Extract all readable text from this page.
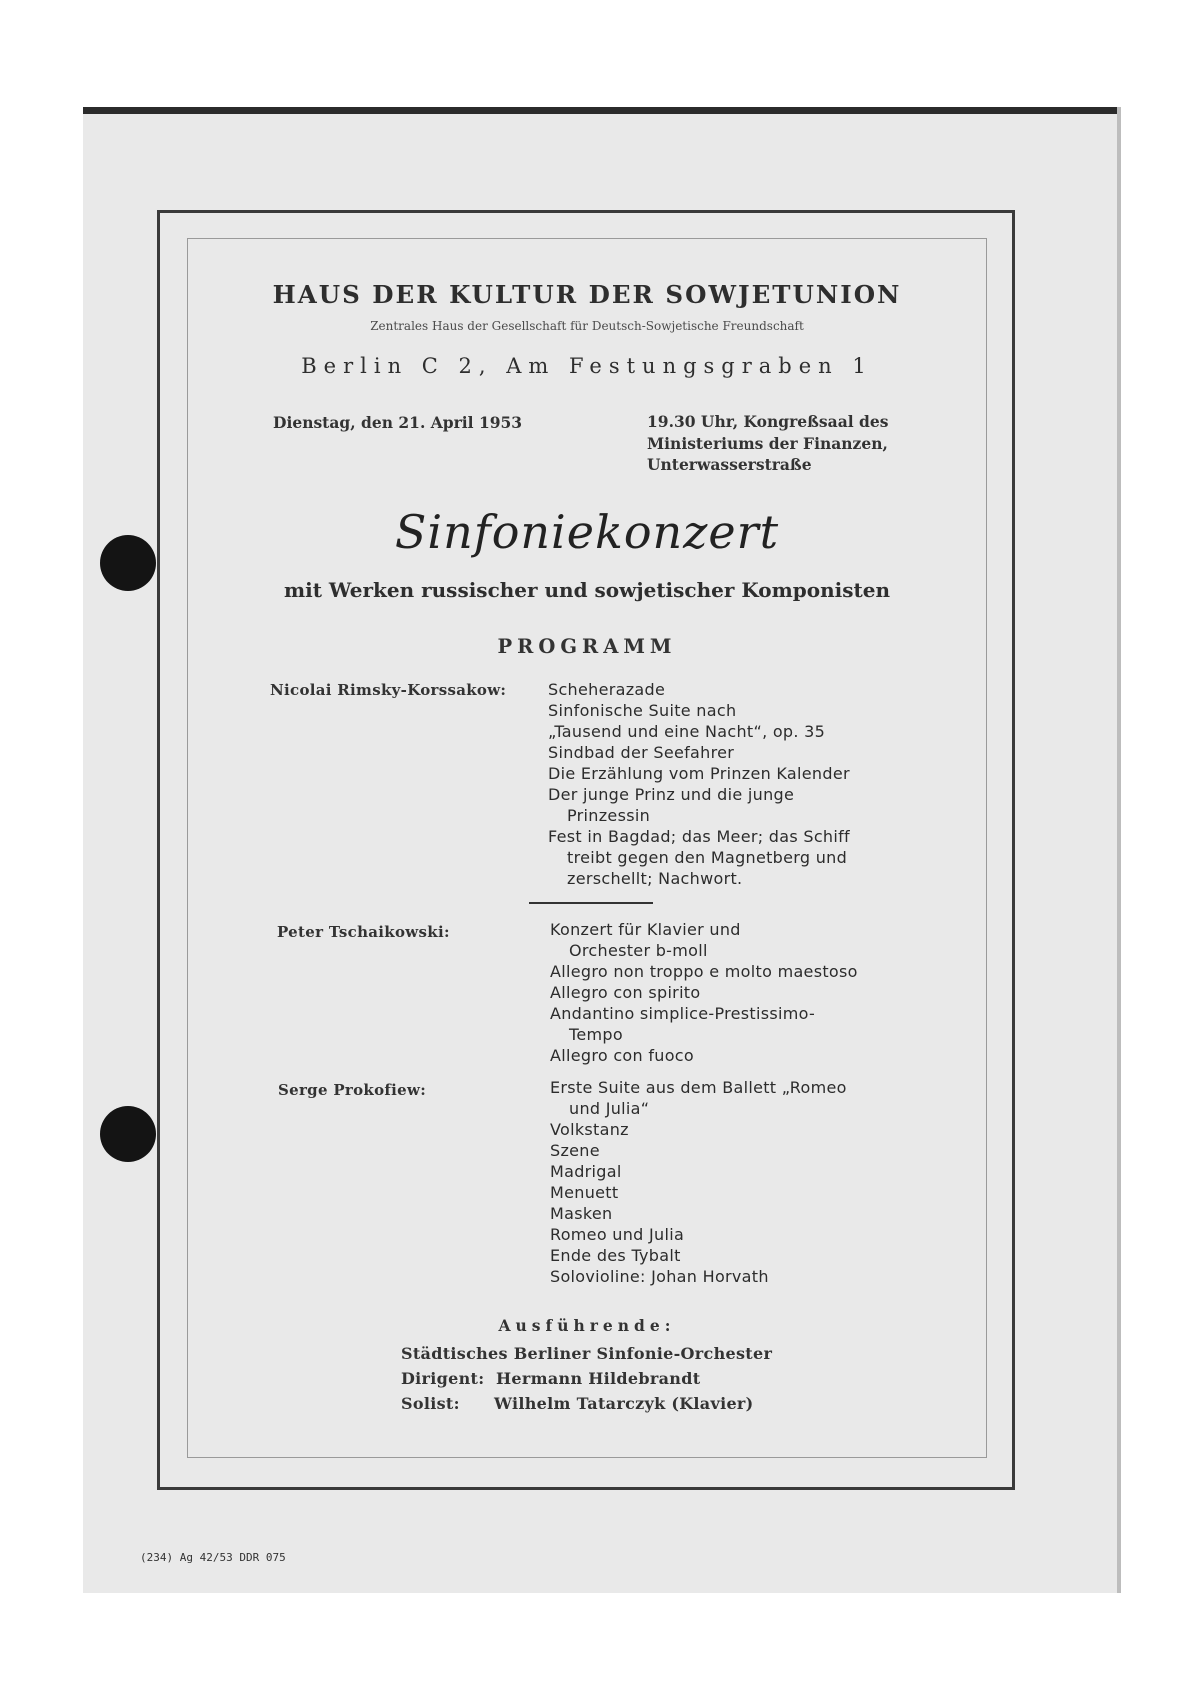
HAUS DER KULTUR DER SOWJETUNION
Zentrales Haus der Gesellschaft für Deutsch-Sowjetische Freundschaft
Berlin C 2, Am Festungsgraben 1
Dienstag, den 21. April 1953	19.30 Uhr, Kongreßsaal des
Ministeriums der Finanzen,
Unterwasserstraße
Sinfoniekonzert
mit Werken russischer und sowjetischer Komponisten
PROGRAMM
Nicolai Rimsky-Korssakow:	Scheherazade
Sinfonische Suite nach
„Tausend und eine Nacht“, op. 35
Sindbad der Seefahrer
Die Erzählung vom Prinzen Kalender
Der junge Prinz und die junge
Prinzessin
Fest in Bagdad; das Meer; das Schiff
treibt gegen den Magnetberg und
zerschellt; Nachwort.
Peter Tschaikowski:	Konzert für Klavier und
Orchester b-moll
Allegro non troppo e molto maestoso
Allegro con spirito
Andantino simplice-Prestissimo-
Tempo
Allegro con fuoco
Serge Prokofiew:	Erste Suite aus dem Ballett „Romeo
und Julia“
Volkstanz
Szene
Madrigal
Menuett
Masken
Romeo und Julia
Ende des Tybalt
Solovioline: Johan Horvath
Ausführende:
Städtisches Berliner Sinfonie-Orchester
Dirigent: Hermann Hildebrandt
Solist: Wilhelm Tatarczyk (Klavier)
(234) Ag 42/53 DDR 075
